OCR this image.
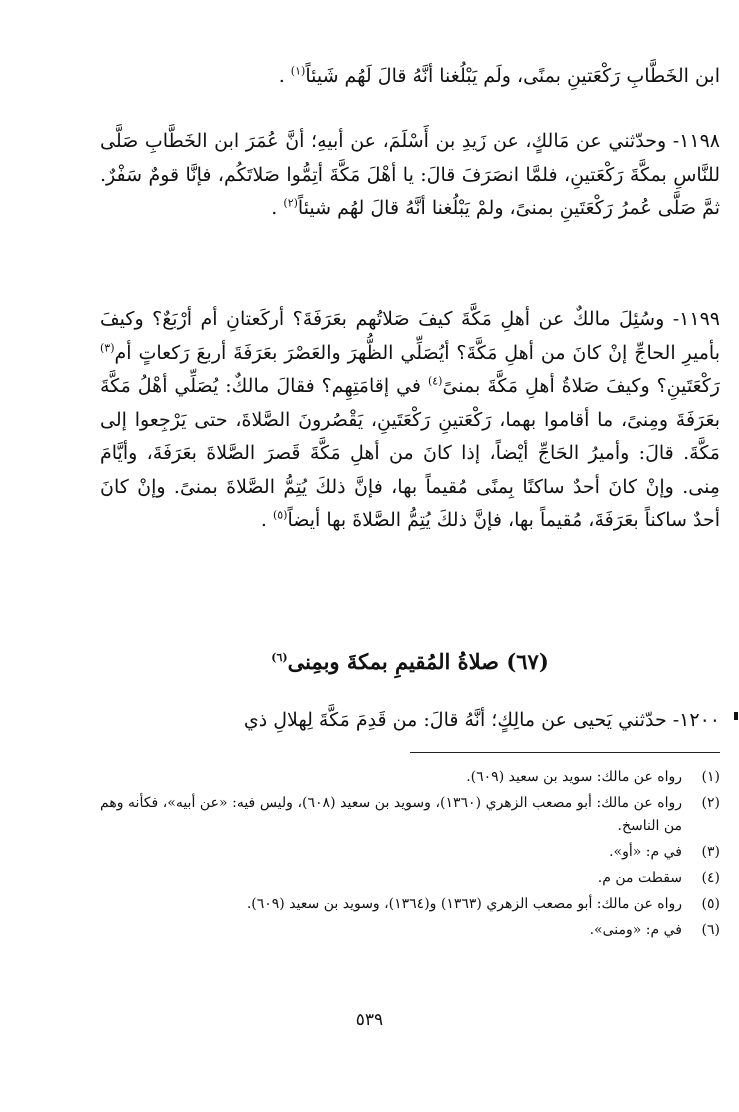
ابن الخَطَّابِ رَكْعَتينِ بمنًى، ولَم يَبْلُغنا أنَّهُ قالَ لَهُم شَيئاً$^{(١)}$ .
١١٩٨- وحدّثني عن مَالكٍ، عن زَيدِ بن أَسْلَمَ، عن أبيهِ؛ أنَّ عُمَرَ ابن الخَطَّابِ صَلَّى للنَّاسِ بمكَّةَ رَكْعَتينِ، فلمَّا انصَرَفَ قالَ: يا أهْلَ مَكَّةَ أتِمُّوا صَلاتَكُم، فإنَّا قومٌ سَفْرٌ. ثمَّ صَلَّى عُمرُ رَكْعَتَينِ بمنىً، ولمْ يَبْلُغنا أنَّهُ قالَ لهُم شيئاً$^{(٢)}$ .
١١٩٩- وسُئِلَ مالكٌ عن أهلِ مَكَّةَ كيفَ صَلاتُهم بعَرَفَةَ؟ أركَعتانِ أم أرْبَعٌ؟ وكيفَ بأميرِ الحاجِّ إنْ كانَ من أهلِ مَكَّةَ؟ أيُصَلِّي الظُّهرَ والعَصْرَ بعَرَفَةَ أربعَ رَكعاتٍ أم$^{(٣)}$ رَكْعَتَينِ؟ وكيفَ صَلاةُ أهلِ مَكَّةَ بمنىً$^{(٤)}$ في إقامَتِهِم؟ فقالَ مالكٌ: يُصَلِّي أهْلُ مَكَّةَ بعَرَفَةَ ومِنىً، ما أقاموا بهما، رَكْعَتينِ رَكْعَتَينِ، يَقْصُرونَ الصَّلاةَ، حتى يَرْجِعوا إلى مَكَّةَ. قالَ: وأميرُ الحَاجِّ أيْضاً، إذا كانَ من أهلِ مَكَّةَ قَصرَ الصَّلاةَ بعَرَفَةَ، وأيَّامَ مِنى. وإنْ كانَ أحدٌ ساكنًا بِمنًى مُقيماً بها، فإنَّ ذلكَ يُتِمُّ الصَّلاةَ بمنىً. وإنْ كانَ أحدٌ ساكناً بعَرَفَةَ، مُقيماً بها، فإنَّ ذلكَ يُتِمُّ الصَّلاةَ بها أيضاً$^{(٥)}$ .
(٦٧) صلاةُ المُقيمِ بمكةَ وبمِنى$^{(٦)}$
١٢٠٠- حدّثني يَحيى عن مالِكٍ؛ أنَّهُ قالَ: من قَدِمَ مَكَّةَ لِهلالِ ذي
(١)
رواه عن مالك: سويد بن سعيد (٦٠٩).
(٢)
رواه عن مالك: أبو مصعب الزهري (١٣٦٠)، وسويد بن سعيد (٦٠٨)، وليس فيه: «عن أبيه»، فكأنه وهم من الناسخ.
(٣)
في م: «أو».
(٤)
سقطت من م.
(٥)
رواه عن مالك: أبو مصعب الزهري (١٣٦٣) و(١٣٦٤)، وسويد بن سعيد (٦٠٩).
(٦)
في م: «ومنى».
٥٣٩
